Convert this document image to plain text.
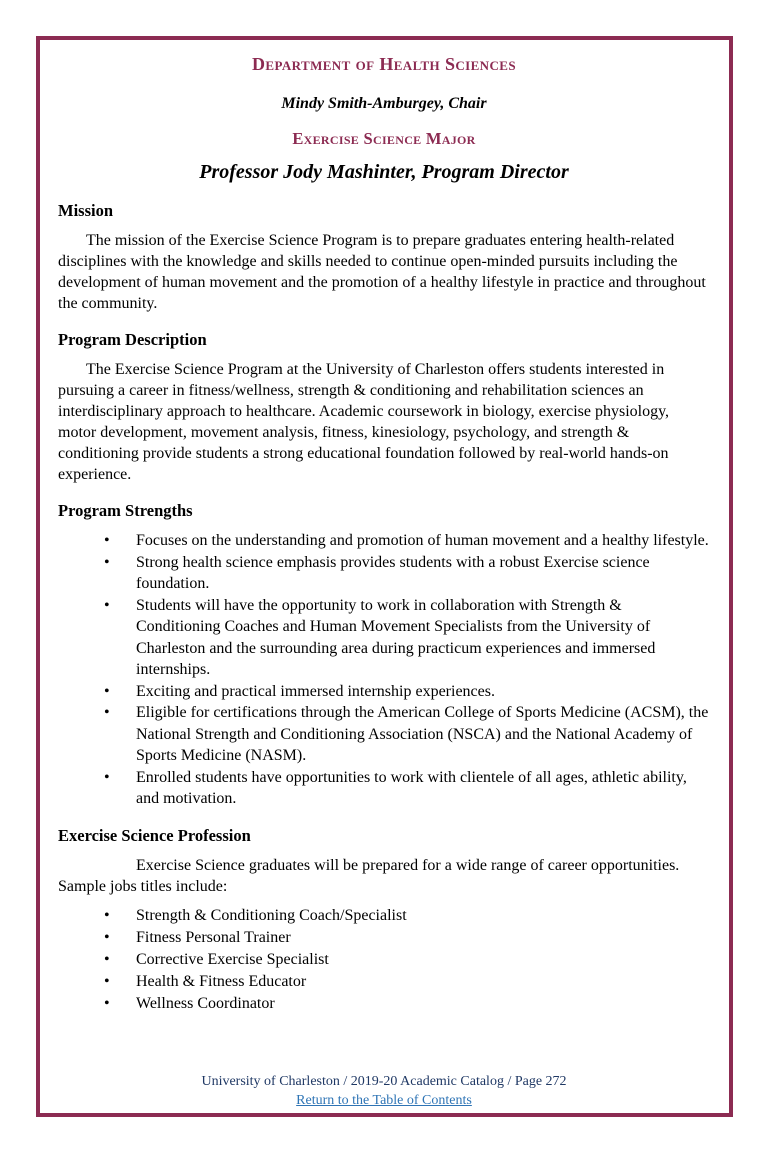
Department of Health Sciences

Mindy Smith-Amburgey, Chair

Exercise Science Major

Professor Jody Mashinter, Program Director

Mission

The mission of the Exercise Science Program is to prepare graduates entering health-related disciplines with the knowledge and skills needed to continue open-minded pursuits including the development of human movement and the promotion of a healthy lifestyle in practice and throughout the community.

Program Description

The Exercise Science Program at the University of Charleston offers students interested in pursuing a career in fitness/wellness, strength & conditioning and rehabilitation sciences an interdisciplinary approach to healthcare. Academic coursework in biology, exercise physiology, motor development, movement analysis, fitness, kinesiology, psychology, and strength & conditioning provide students a strong educational foundation followed by real-world hands-on experience.

Program Strengths
• Focuses on the understanding and promotion of human movement and a healthy lifestyle.
• Strong health science emphasis provides students with a robust Exercise science foundation.
• Students will have the opportunity to work in collaboration with Strength & Conditioning Coaches and Human Movement Specialists from the University of Charleston and the surrounding area during practicum experiences and immersed internships.
• Exciting and practical immersed internship experiences.
• Eligible for certifications through the American College of Sports Medicine (ACSM), the National Strength and Conditioning Association (NSCA) and the National Academy of Sports Medicine (NASM).
• Enrolled students have opportunities to work with clientele of all ages, athletic ability, and motivation.
Exercise Science Profession

Exercise Science graduates will be prepared for a wide range of career opportunities. Sample jobs titles include:

• Strength & Conditioning Coach/Specialist
• Fitness Personal Trainer
• Corrective Exercise Specialist
• Health & Fitness Educator
• Wellness Coordinator
University of Charleston / 2019-20 Academic Catalog / Page 272
Return to the Table of Contents
